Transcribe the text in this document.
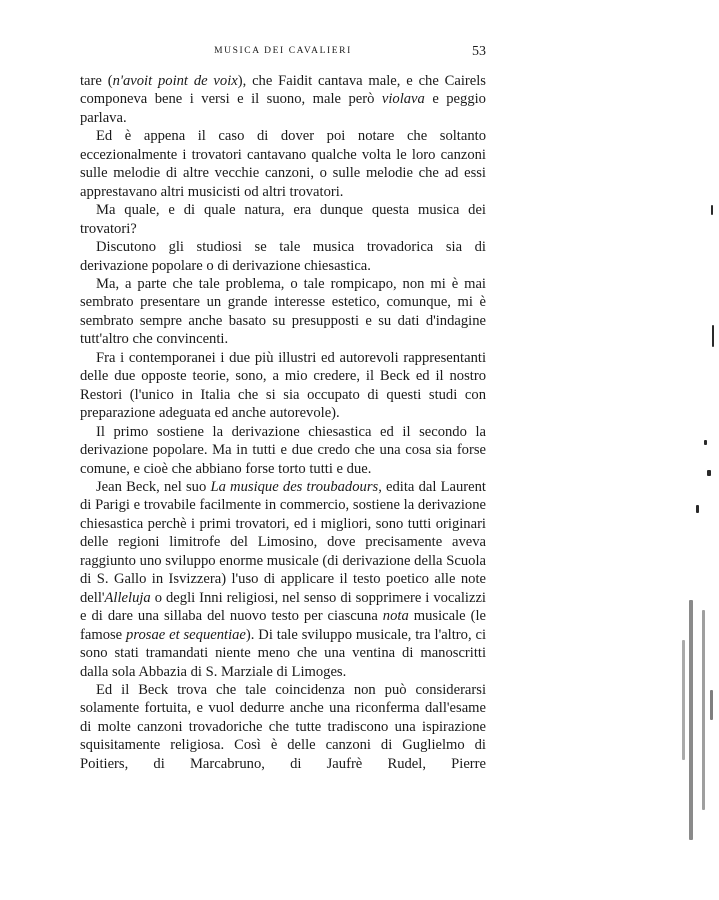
MUSICA DEI CAVALIERI	53

tare (n'avoit point de voix), che Faidit cantava male, e che Cairels componeva bene i versi e il suono, male però violava e peggio parlava.

Ed è appena il caso di dover poi notare che soltanto eccezionalmente i trovatori cantavano qualche volta le loro canzoni sulle melodie di altre vecchie canzoni, o sulle melodie che ad essi apprestavano altri musicisti od altri trovatori.

Ma quale, e di quale natura, era dunque questa musica dei trovatori?

Discutono gli studiosi se tale musica trovadorica sia di derivazione popolare o di derivazione chiesastica.

Ma, a parte che tale problema, o tale rompicapo, non mi è mai sembrato presentare un grande interesse estetico, comunque, mi è sembrato sempre anche basato su presupposti e su dati d'indagine tutt'altro che convincenti.

Fra i contemporanei i due più illustri ed autorevoli rappresentanti delle due opposte teorie, sono, a mio credere, il Beck ed il nostro Restori (l'unico in Italia che si sia occupato di questi studi con preparazione adeguata ed anche autorevole).

Il primo sostiene la derivazione chiesastica ed il secondo la derivazione popolare. Ma in tutti e due credo che una cosa sia forse comune, e cioè che abbiano forse torto tutti e due.

Jean Beck, nel suo La musique des troubadours, edita dal Laurent di Parigi e trovabile facilmente in commercio, sostiene la derivazione chiesastica perchè i primi trovatori, ed i migliori, sono tutti originari delle regioni limitrofe del Limosino, dove precisamente aveva raggiunto uno sviluppo enorme musicale (di derivazione della Scuola di S. Gallo in Isvizzera) l'uso di applicare il testo poetico alle note dell'Alleluja o degli Inni religiosi, nel senso di sopprimere i vocalizzi e di dare una sillaba del nuovo testo per ciascuna nota musicale (le famose prosae et sequentiae). Di tale sviluppo musicale, tra l'altro, ci sono stati tramandati niente meno che una ventina di manoscritti dalla sola Abbazia di S. Marziale di Limoges.

Ed il Beck trova che tale coincidenza non può considerarsi solamente fortuita, e vuol dedurre anche una riconferma dall'esame di molte canzoni trovadoriche che tutte tradiscono una ispirazione squisitamente religiosa. Così è delle canzoni di Guglielmo di Poitiers, di Marcabruno, di Jaufrè Rudel, Pierre
